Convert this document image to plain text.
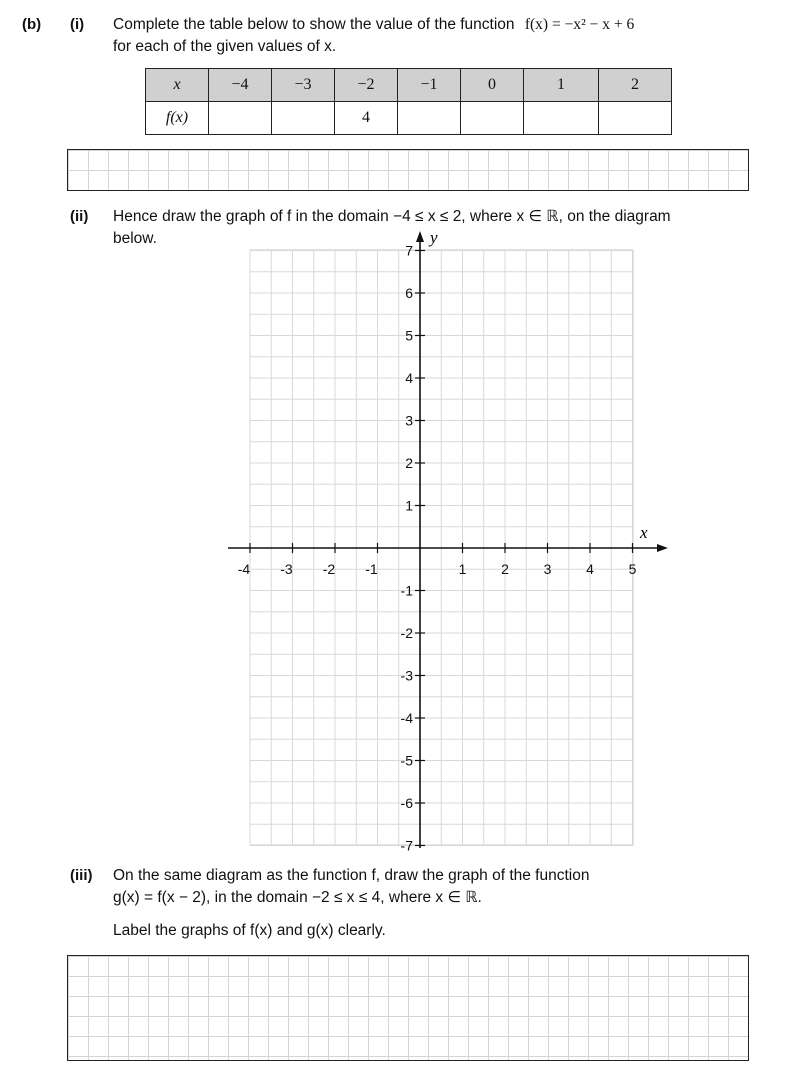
(b) (i) Complete the table below to show the value of the function f(x) = −x² − x + 6
for each of the given values of x.
x	−4	−3	−2	−1	0	1	2
f(x)			4				
(ii) Hence draw the graph of f in the domain −4 ≤ x ≤ 2, where x ∈ ℝ, on the diagram
below.
x
y
-4 -3 -2 -1	1 2 3 4 5
7
6
5
4
3
2
1
-1
-2
-3
-4
-5
-6
-7
(iii) On the same diagram as the function f, draw the graph of the function
g(x) = f(x − 2), in the domain −2 ≤ x ≤ 4, where x ∈ ℝ.
Label the graphs of f(x) and g(x) clearly.
